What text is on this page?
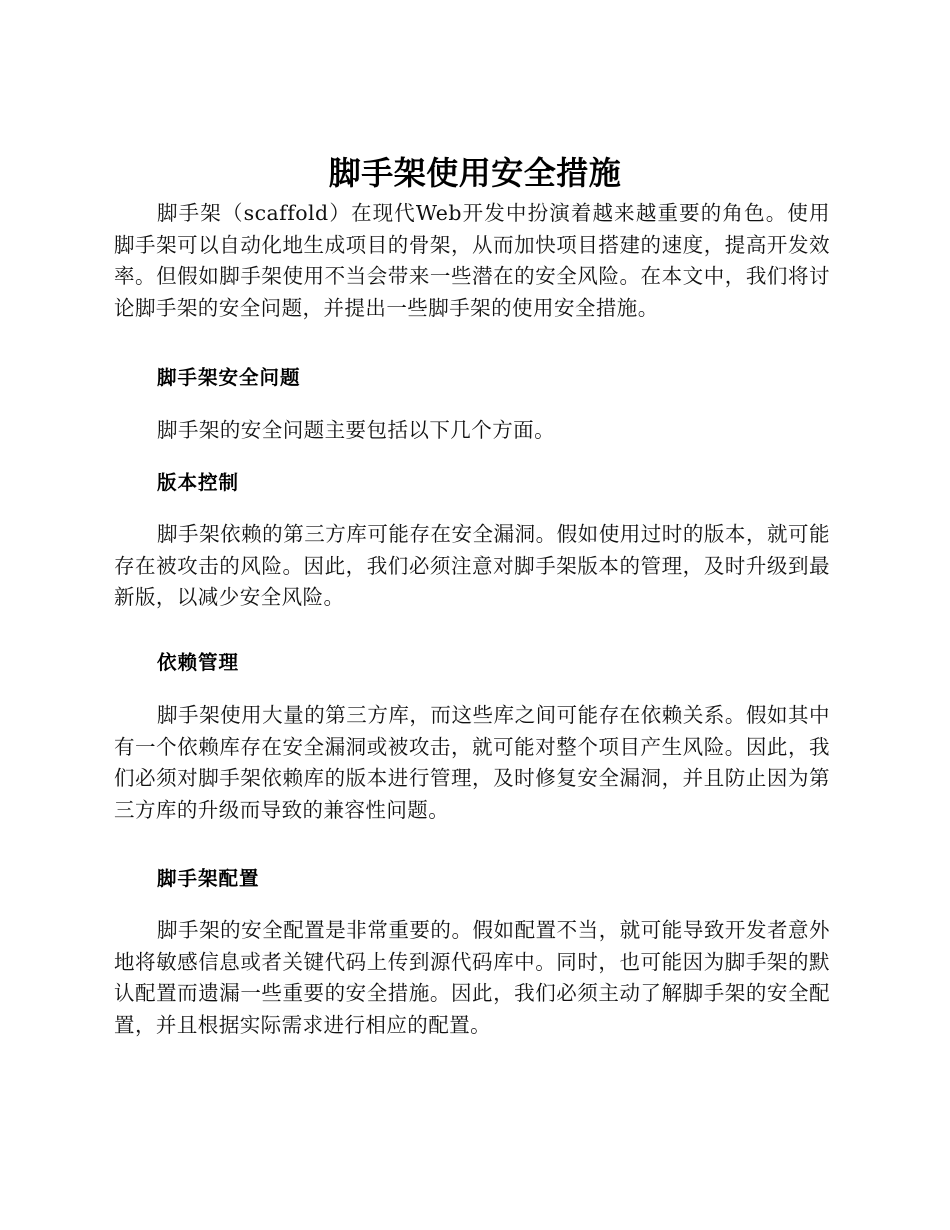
脚手架使用安全措施

脚手架（scaffold）在现代Web开发中扮演着越来越重要的角色。使用脚手架可以自动化地生成项目的骨架，从而加快项目搭建的速度，提高开发效率。但假如脚手架使用不当会带来一些潜在的安全风险。在本文中，我们将讨论脚手架的安全问题，并提出一些脚手架的使用安全措施。

脚手架安全问题

脚手架的安全问题主要包括以下几个方面。

版本控制

脚手架依赖的第三方库可能存在安全漏洞。假如使用过时的版本，就可能存在被攻击的风险。因此，我们必须注意对脚手架版本的管理，及时升级到最新版，以减少安全风险。

依赖管理

脚手架使用大量的第三方库，而这些库之间可能存在依赖关系。假如其中有一个依赖库存在安全漏洞或被攻击，就可能对整个项目产生风险。因此，我们必须对脚手架依赖库的版本进行管理，及时修复安全漏洞，并且防止因为第三方库的升级而导致的兼容性问题。

脚手架配置

脚手架的安全配置是非常重要的。假如配置不当，就可能导致开发者意外地将敏感信息或者关键代码上传到源代码库中。同时，也可能因为脚手架的默认配置而遗漏一些重要的安全措施。因此，我们必须主动了解脚手架的安全配置，并且根据实际需求进行相应的配置。
